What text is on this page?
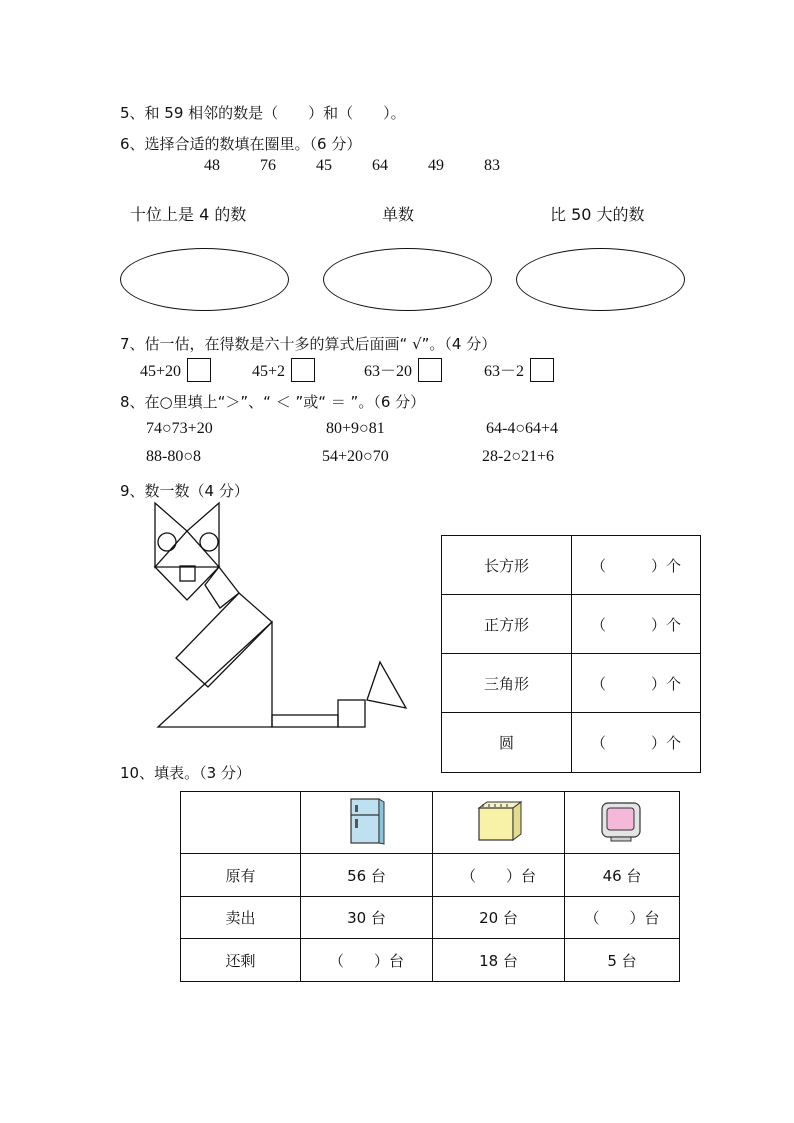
5、和 59 相邻的数是（　　）和（　　）。
6、选择合适的数填在圈里。（6 分）
48	76	45	64	49	83
十位上是 4 的数	单数	比 50 大的数
7、估一估，在得数是六十多的算式后面画“ √”。（4 分）
45+20	45+2	63－20	63－2
8、在○里填上“＞”、“ ＜ ”或“ ＝ ”。（6 分）
74○73+20	80+9○81	64-4○64+4
88-80○8	54+20○70	28-2○21+6
9、数一数（4 分）
长方形	（　　　）个
正方形	（　　　）个
三角形	（　　　）个
圆	（　　　）个
10、填表。（3 分）

原有	56 台	（　　）台	46 台
卖出	30 台	20 台	（　　）台
还剩	（　　）台	18 台	5 台
